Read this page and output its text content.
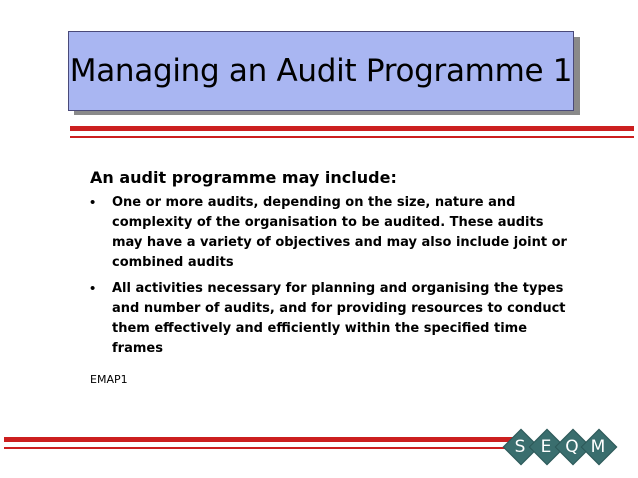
Managing an Audit Programme 1
An audit programme may include:
• One or more audits, depending on the size, nature and complexity of the organisation to be audited. These audits may have a variety of objectives and may also include joint or combined audits
• All activities necessary for planning and organising the types and number of audits, and for providing resources to conduct them effectively and efficiently within the specified time frames
EMAP1
S E Q M
